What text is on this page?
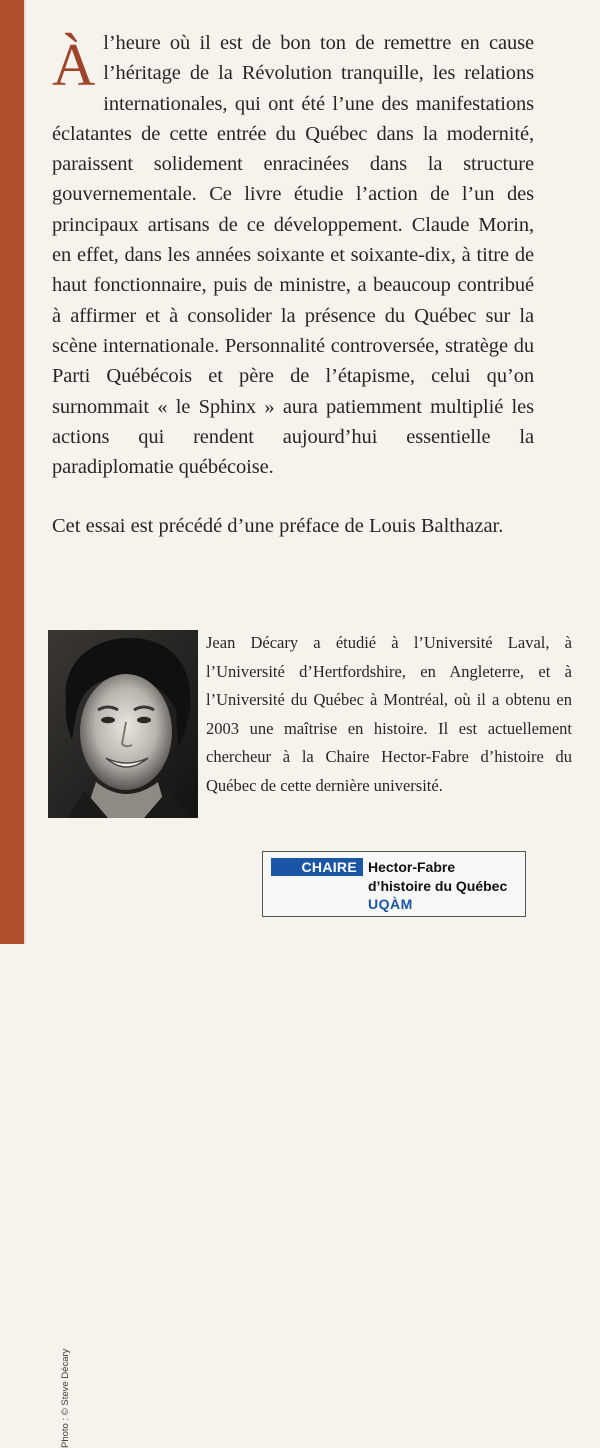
Àl’heure où il est de bon ton de remettre en cause l’héritage de la Révolution tranquille, les relations internationales, qui ont été l’une des manifestations éclatantes de cette entrée du Québec dans la modernité, paraissent solidement enracinées dans la structure gouvernementale. Ce livre étudie l’action de l’un des principaux artisans de ce développement. Claude Morin, en effet, dans les années soixante et soixante-dix, à titre de haut fonctionnaire, puis de ministre, a beaucoup contribué à affirmer et à consolider la présence du Québec sur la scène internationale. Personnalité controversée, stratège du Parti Québécois et père de l’étapisme, celui qu’on surnommait « le Sphinx » aura patiemment multiplié les actions qui rendent aujourd’hui essentielle la paradiplomatie québécoise.

Cet essai est précédé d’une préface de Louis Balthazar.

Photo : © Steve Décary

Jean Décary a étudié à l’Université Laval, à l’Université d’Hertfordshire, en Angleterre, et à l’Université du Québec à Montréal, où il a obtenu en 2003 une maîtrise en histoire. Il est actuellement chercheur à la Chaire Hector-Fabre d’histoire du Québec de cette dernière université.

CHAIRE Hector-Fabre
d’histoire du Québec
UQÀM
